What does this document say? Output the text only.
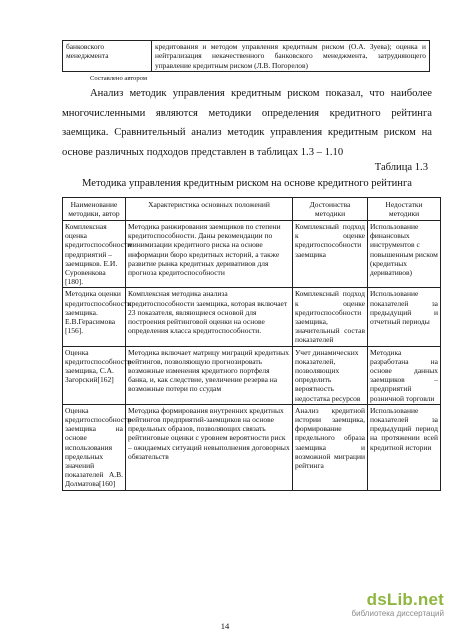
банковского менеджмента	кредитования и методом управления кредитным риском (О.А. Зуева); оценка и нейтрализация некачественного банковского менеджмента, затрудняющего управление кредитным риском (Л.В. Погорелов)
Составлено автором

Анализ методик управления кредитным риском показал, что наиболее многочисленными являются методики определения кредитного рейтинга заемщика. Сравнительный анализ методик управления кредитным риском на основе различных подходов представлен в таблицах 1.3 – 1.10

Таблица 1.3
Методика управления кредитным риском на основе кредитного рейтинга
Наименование методики, автор	Характеристика основных положений	Достоинства методики	Недостатки методики
Комплексная оценка кредитоспособности предприятий – заемщиков. Е.И. Суровенкова [180].	Методика ранжирования заемщиков по степени кредитоспособности. Даны рекомендации по минимизации кредитного риска на основе информации бюро кредитных историй, а также развитие рынка кредитных деривативов для прогноза кредитоспособности	Комплексный подход к оценке кредитоспособности заемщика	Использование финансовых инструментов с повышенным риском (кредитных деривативов)
Методика оценки кредитоспособности заемщика. Е.В.Герасимова [156].	Комплексная методика анализа кредитоспособности заемщика, которая включает 23 показателя, являющиеся основой для построения рейтинговой оценки на основе определения класса кредитоспособности.	Комплексный подход к оценке кредитоспособности заемщика, значительный состав показателей	Использование показателей за предыдущий и отчетный периоды
Оценка кредитоспособности заемщика, С.А. Загорский[162]	Методика включает матрицу миграций кредитных рейтингов, позволяющую прогнозировать возможные изменения кредитного портфеля банка, и, как следствие, увеличение резерва на возможные потери по ссудам	Учет динамических показателей, позволяющих определить вероятность недостатка ресурсов	Методика разработана на основе данных заемщиков – предприятий розничной торговли
Оценка кредитоспособности заемщика на основе использования предельных значений показателей А.В. Долматова[160]	Методика формирования внутренних кредитных рейтингов предприятий-заемщиков на основе предельных образов, позволяющих связать рейтинговые оценки с уровнем вероятности риск – ожидаемых ситуаций невыполнения договорных обязательств	Анализ кредитной истории заемщика, формирование предельного образа заемщика и возможной миграции рейтинга	Использование показателей за предыдущий период на протяжении всей кредитной истории
14
dsLib.net
библиотека диссертаций
